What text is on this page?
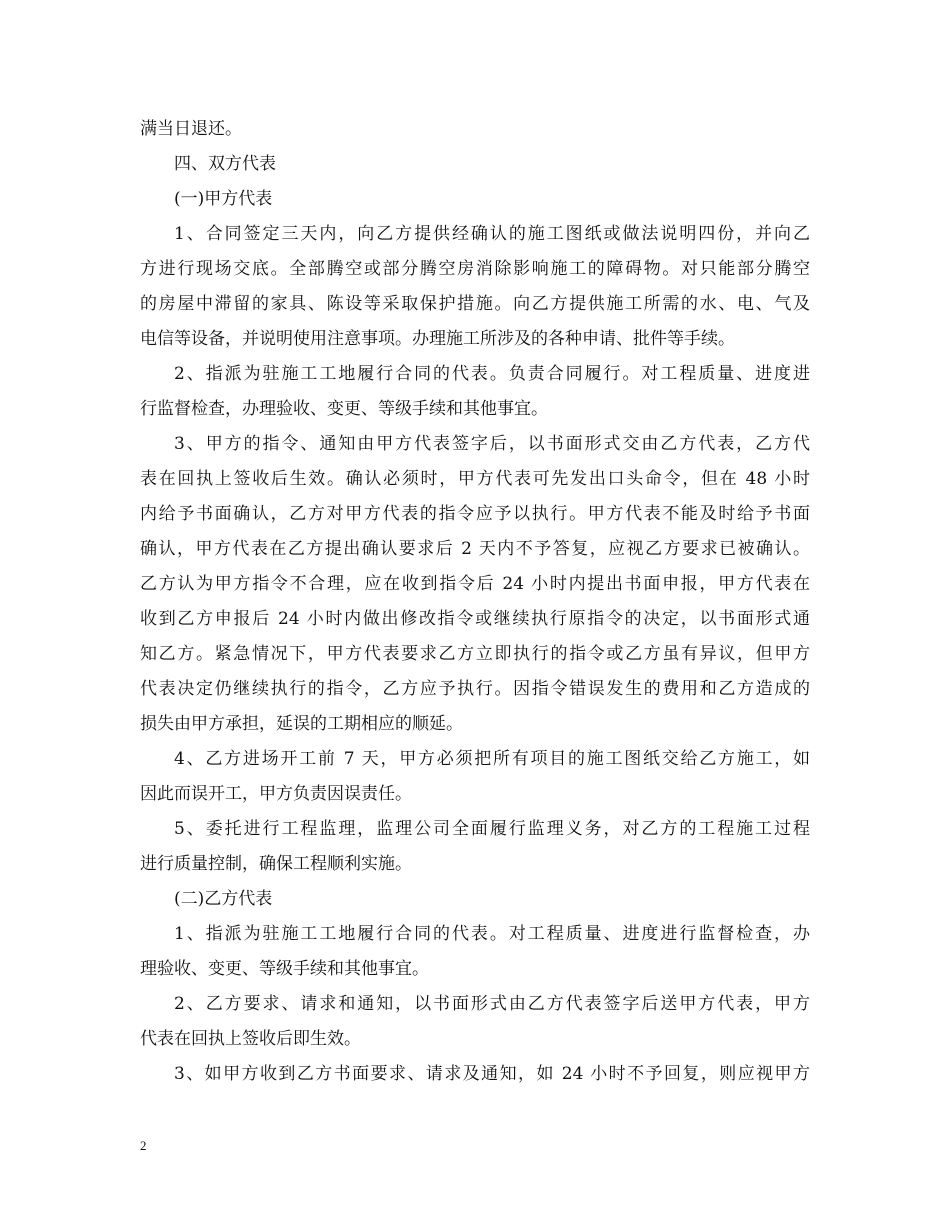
满当日退还。
四、双方代表
(一)甲方代表
1、合同签定三天内，向乙方提供经确认的施工图纸或做法说明四份，并向乙
方进行现场交底。全部腾空或部分腾空房消除影响施工的障碍物。对只能部分腾空
的房屋中滞留的家具、陈设等采取保护措施。向乙方提供施工所需的水、电、气及
电信等设备，并说明使用注意事项。办理施工所涉及的各种申请、批件等手续。
2、指派为驻施工工地履行合同的代表。负责合同履行。对工程质量、进度进
行监督检查，办理验收、变更、等级手续和其他事宜。
3、甲方的指令、通知由甲方代表签字后，以书面形式交由乙方代表，乙方代
表在回执上签收后生效。确认必须时，甲方代表可先发出口头命令，但在 48 小时
内给予书面确认，乙方对甲方代表的指令应予以执行。甲方代表不能及时给予书面
确认，甲方代表在乙方提出确认要求后 2 天内不予答复，应视乙方要求已被确认。
乙方认为甲方指令不合理，应在收到指令后 24 小时内提出书面申报，甲方代表在
收到乙方申报后 24 小时内做出修改指令或继续执行原指令的决定，以书面形式通
知乙方。紧急情况下，甲方代表要求乙方立即执行的指令或乙方虽有异议，但甲方
代表决定仍继续执行的指令，乙方应予执行。因指令错误发生的费用和乙方造成的
损失由甲方承担，延误的工期相应的顺延。
4、乙方进场开工前 7 天，甲方必须把所有项目的施工图纸交给乙方施工，如
因此而误开工，甲方负责因误责任。
5、委托进行工程监理，监理公司全面履行监理义务，对乙方的工程施工过程
进行质量控制，确保工程顺利实施。
(二)乙方代表
1、指派为驻施工工地履行合同的代表。对工程质量、进度进行监督检查，办
理验收、变更、等级手续和其他事宜。
2、乙方要求、请求和通知，以书面形式由乙方代表签字后送甲方代表，甲方
代表在回执上签收后即生效。
3、如甲方收到乙方书面要求、请求及通知，如 24 小时不予回复，则应视甲方
2
